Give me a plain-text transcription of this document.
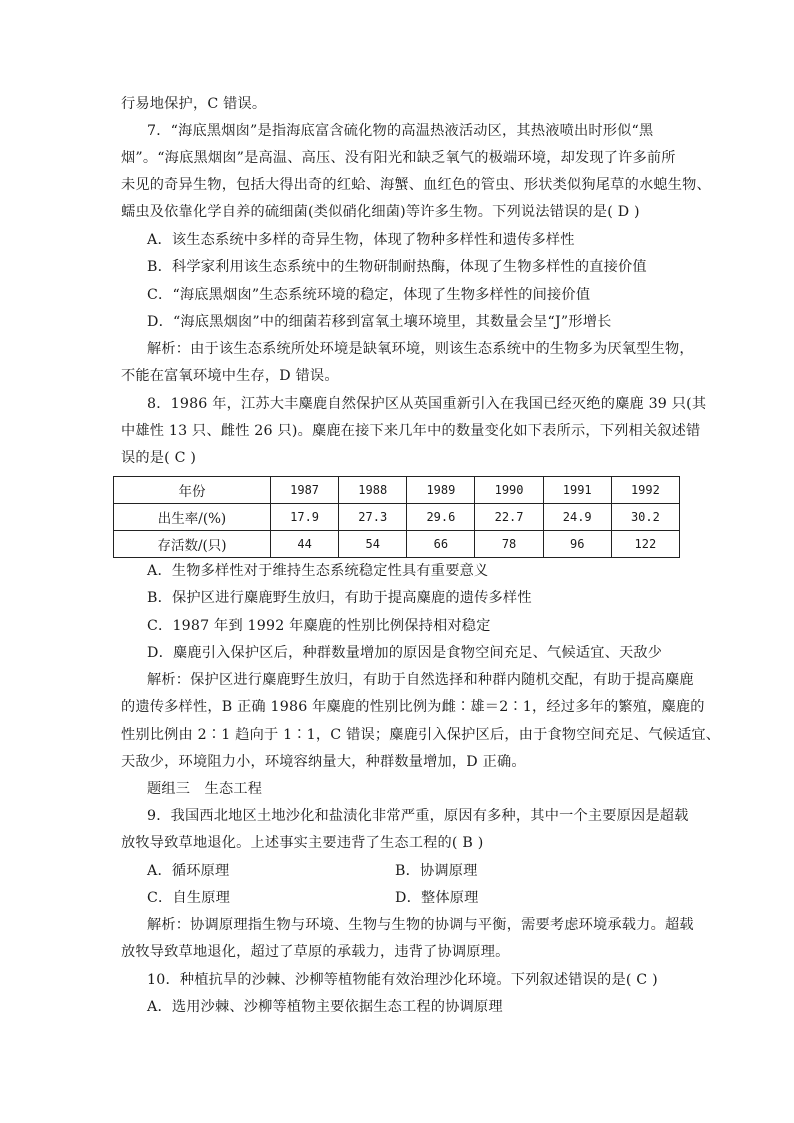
行易地保护，C 错误。
7．“海底黑烟囱”是指海底富含硫化物的高温热液活动区，其热液喷出时形似“黑
烟”。“海底黑烟囱”是高温、高压、没有阳光和缺乏氧气的极端环境，却发现了许多前所
未见的奇异生物，包括大得出奇的红蛤、海蟹、血红色的管虫、形状类似狗尾草的水螅生物、
蠕虫及依靠化学自养的硫细菌(类似硝化细菌)等许多生物。下列说法错误的是( D )
A．该生态系统中多样的奇异生物，体现了物种多样性和遗传多样性
B．科学家利用该生态系统中的生物研制耐热酶，体现了生物多样性的直接价值
C．“海底黑烟囱”生态系统环境的稳定，体现了生物多样性的间接价值
D．“海底黑烟囱”中的细菌若移到富氧土壤环境里，其数量会呈“J”形增长
解析：由于该生态系统所处环境是缺氧环境，则该生态系统中的生物多为厌氧型生物，
不能在富氧环境中生存，D 错误。
8．1986 年，江苏大丰麋鹿自然保护区从英国重新引入在我国已经灭绝的麋鹿 39 只(其
中雄性 13 只、雌性 26 只)。麋鹿在接下来几年中的数量变化如下表所示，下列相关叙述错
误的是( C )
年份	1987	1988	1989	1990	1991	1992
出生率/(%)	17.9	27.3	29.6	22.7	24.9	30.2
存活数/(只)	44	54	66	78	96	122
A．生物多样性对于维持生态系统稳定性具有重要意义
B．保护区进行麋鹿野生放归，有助于提高麋鹿的遗传多样性
C．1987 年到 1992 年麋鹿的性别比例保持相对稳定
D．麋鹿引入保护区后，种群数量增加的原因是食物空间充足、气候适宜、天敌少
解析：保护区进行麋鹿野生放归，有助于自然选择和种群内随机交配，有助于提高麋鹿
的遗传多样性，B 正确 1986 年麋鹿的性别比例为雌∶雄＝2∶1，经过多年的繁殖，麋鹿的
性别比例由 2∶1 趋向于 1∶1，C 错误；麋鹿引入保护区后，由于食物空间充足、气候适宜、
天敌少，环境阻力小，环境容纳量大，种群数量增加，D 正确。
题组三　生态工程
9．我国西北地区土地沙化和盐渍化非常严重，原因有多种，其中一个主要原因是超载
放牧导致草地退化。上述事实主要违背了生态工程的( B )
A．循环原理	B．协调原理
C．自生原理	D．整体原理
解析：协调原理指生物与环境、生物与生物的协调与平衡，需要考虑环境承载力。超载
放牧导致草地退化，超过了草原的承载力，违背了协调原理。
10．种植抗旱的沙棘、沙柳等植物能有效治理沙化环境。下列叙述错误的是( C )
A．选用沙棘、沙柳等植物主要依据生态工程的协调原理
